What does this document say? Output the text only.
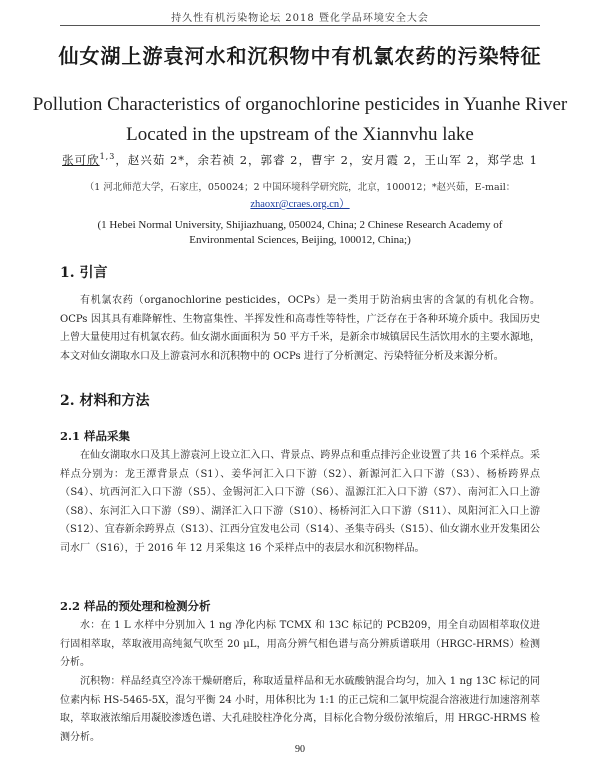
持久性有机污染物论坛 2018 暨化学品环境安全大会
仙女湖上游袁河水和沉积物中有机氯农药的污染特征
Pollution Characteristics of organochlorine pesticides in Yuanhe River Located in the upstream of the Xiannvhu lake
张可欣$^{1,3}$，赵兴茹 2*，余若祯 2，郭睿 2，曹宇 2，安月霞 2，王山军 2，郑学忠 1
（1 河北师范大学，石家庄，050024；2 中国环境科学研究院，北京，100012；*赵兴茹，E-mail：
zhaoxr@craes.org.cn）
(1 Hebei Normal University, Shijiazhuang, 050024, China; 2 Chinese Research Academy of Environmental Sciences, Beijing, 100012, China;)
1. 引言
有机氯农药（organochlorine pesticides，OCPs）是一类用于防治病虫害的含氯的有机化合物。OCPs 因其具有难降解性、生物富集性、半挥发性和高毒性等特性，广泛存在于各种环境介质中。我国历史上曾大量使用过有机氯农药。仙女湖水面面积为 50 平方千米，是新余市城镇居民生活饮用水的主要水源地，本文对仙女湖取水口及上游袁河水和沉积物中的 OCPs 进行了分析测定、污染特征分析及来源分析。
2. 材料和方法
2.1 样品采集
在仙女湖取水口及其上游袁河上设立汇入口、背景点、跨界点和重点排污企业设置了共 16 个采样点。采样点分别为：龙王潭背景点（S1）、姜华河汇入口下游（S2）、新源河汇入口下游（S3）、杨桥跨界点（S4）、坑西河汇入口下游（S5）、金锡河汇入口下游（S6）、温源江汇入口下游（S7）、南河汇入口上游（S8）、东河汇入口下游（S9）、湖泽汇入口下游（S10）、杨桥河汇入口下游（S11）、凤阳河汇入口上游（S12）、宜春新余跨界点（S13）、江西分宜发电公司（S14）、圣集寺码头（S15）、仙女湖水业开发集团公司水厂（S16），于 2016 年 12 月采集这 16 个采样点中的表层水和沉积物样品。
2.2 样品的预处理和检测分析
水：在 1 L 水样中分别加入 1 ng 净化内标 TCMX 和 13C 标记的 PCB209，用全自动固相萃取仪进行固相萃取，萃取液用高纯氮气吹至 20 μL，用高分辨气相色谱与高分辨质谱联用（HRGC-HRMS）检测分析。
沉积物：样品经真空冷冻干燥研磨后，称取适量样品和无水硫酸钠混合均匀，加入 1 ng 13C 标记的同位素内标 HS-5465-5X，混匀平衡 24 小时，用体积比为 1:1 的正己烷和二氯甲烷混合溶液进行加速溶剂萃取，萃取液浓缩后用凝胶渗透色谱、大孔硅胶柱净化分离，目标化合物分级份浓缩后，用 HRGC-HRMS 检测分析。
90
